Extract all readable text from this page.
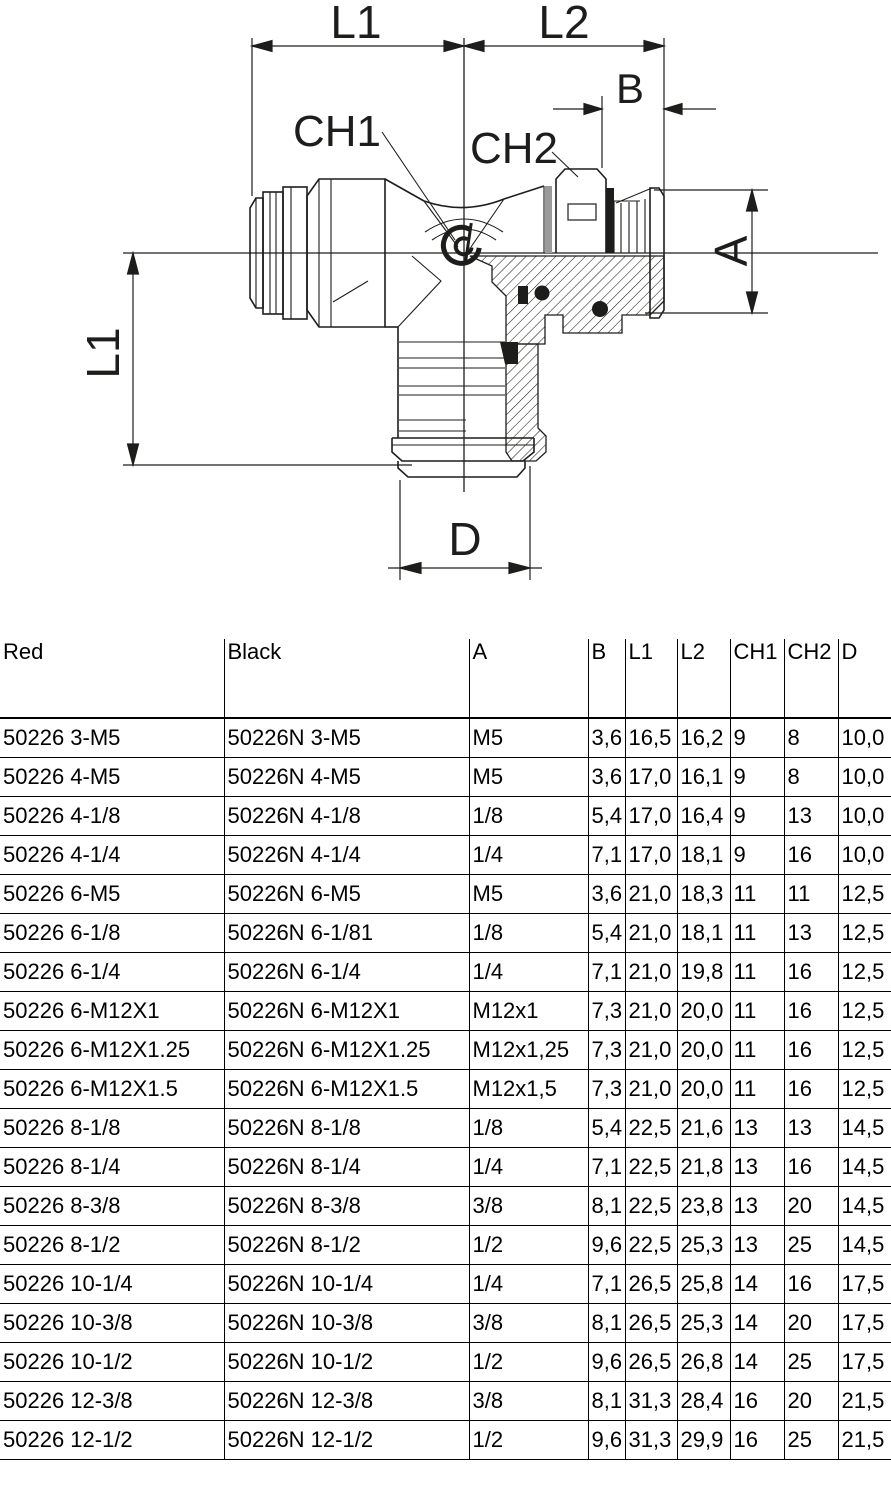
L1	L2
B
CH1 CH2
A
L1
D
Red	Black	A	B	L1	L2	CH1	CH2	D
50226 3-M5	50226N 3-M5	M5	3,6	16,5	16,2	9	8	10,0
50226 4-M5	50226N 4-M5	M5	3,6	17,0	16,1	9	8	10,0
50226 4-1/8	50226N 4-1/8	1/8	5,4	17,0	16,4	9	13	10,0
50226 4-1/4	50226N 4-1/4	1/4	7,1	17,0	18,1	9	16	10,0
50226 6-M5	50226N 6-M5	M5	3,6	21,0	18,3	11	11	12,5
50226 6-1/8	50226N 6-1/81	1/8	5,4	21,0	18,1	11	13	12,5
50226 6-1/4	50226N 6-1/4	1/4	7,1	21,0	19,8	11	16	12,5
50226 6-M12X1	50226N 6-M12X1	M12x1	7,3	21,0	20,0	11	16	12,5
50226 6-M12X1.25	50226N 6-M12X1.25	M12x1,25	7,3	21,0	20,0	11	16	12,5
50226 6-M12X1.5	50226N 6-M12X1.5	M12x1,5	7,3	21,0	20,0	11	16	12,5
50226 8-1/8	50226N 8-1/8	1/8	5,4	22,5	21,6	13	13	14,5
50226 8-1/4	50226N 8-1/4	1/4	7,1	22,5	21,8	13	16	14,5
50226 8-3/8	50226N 8-3/8	3/8	8,1	22,5	23,8	13	20	14,5
50226 8-1/2	50226N 8-1/2	1/2	9,6	22,5	25,3	13	25	14,5
50226 10-1/4	50226N 10-1/4	1/4	7,1	26,5	25,8	14	16	17,5
50226 10-3/8	50226N 10-3/8	3/8	8,1	26,5	25,3	14	20	17,5
50226 10-1/2	50226N 10-1/2	1/2	9,6	26,5	26,8	14	25	17,5
50226 12-3/8	50226N 12-3/8	3/8	8,1	31,3	28,4	16	20	21,5
50226 12-1/2	50226N 12-1/2	1/2	9,6	31,3	29,9	16	25	21,5
